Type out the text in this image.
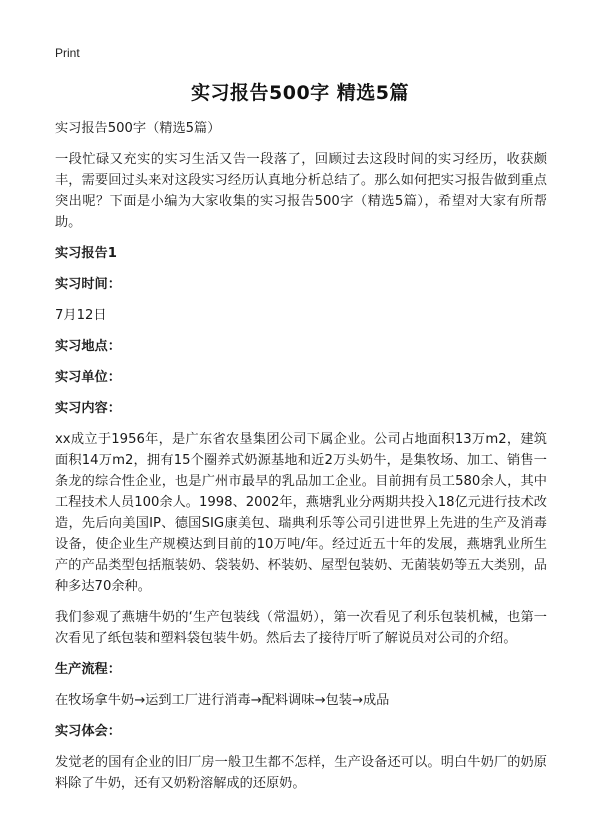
Print
实习报告500字 精选5篇
实习报告500字（精选5篇）
一段忙碌又充实的实习生活又告一段落了，回顾过去这段时间的实习经历，收获颇丰，需要回过头来对这段实习经历认真地分析总结了。那么如何把实习报告做到重点突出呢？下面是小编为大家收集的实习报告500字（精选5篇），希望对大家有所帮助。
实习报告1
实习时间：
7月12日
实习地点：
实习单位：
实习内容：
xx成立于1956年，是广东省农垦集团公司下属企业。公司占地面积13万m2，建筑面积14万m2，拥有15个圈养式奶源基地和近2万头奶牛，是集牧场、加工、销售一条龙的综合性企业，也是广州市最早的乳品加工企业。目前拥有员工580余人，其中工程技术人员100余人。1998、2002年，燕塘乳业分两期共投入18亿元进行技术改造，先后向美国IP、德国SIG康美包、瑞典利乐等公司引进世界上先进的生产及消毒设备，使企业生产规模达到目前的10万吨/年。经过近五十年的发展，燕塘乳业所生产的产品类型包括瓶装奶、袋装奶、杯装奶、屋型包装奶、无菌装奶等五大类别，品种多达70余种。
我们参观了燕塘牛奶的‘生产包装线（常温奶），第一次看见了利乐包装机械，也第一次看见了纸包装和塑料袋包装牛奶。然后去了接待厅听了解说员对公司的介绍。
生产流程：
在牧场拿牛奶→运到工厂进行消毒→配料调味→包装→成品
实习体会：
发觉老的国有企业的旧厂房一般卫生都不怎样，生产设备还可以。明白牛奶厂的奶原料除了牛奶，还有又奶粉溶解成的还原奶。
